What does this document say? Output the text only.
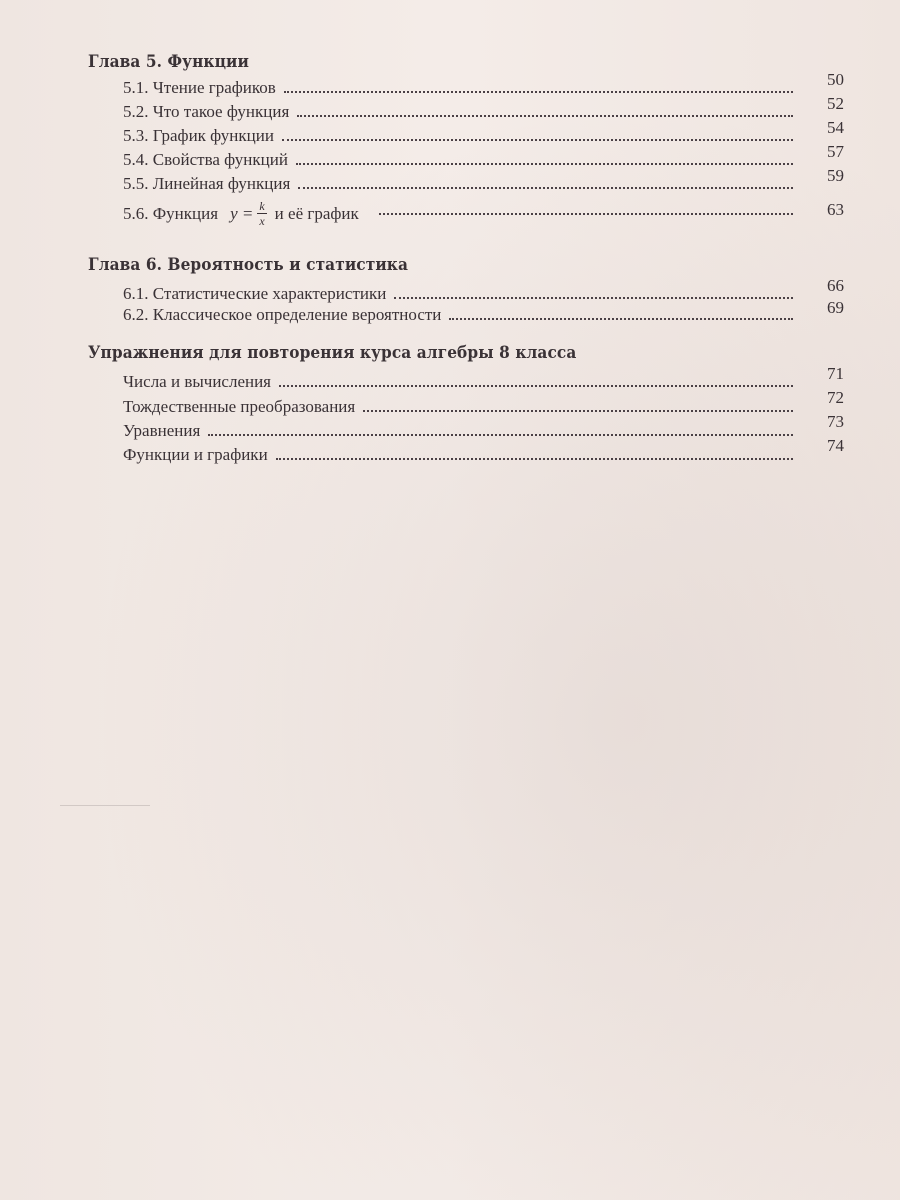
Глава 5. Функции
5.1. Чтение графиков	50
5.2. Что такое функция	52
5.3. График функции	54
5.4. Свойства функций	57
5.5. Линейная функция	59
5.6. Функция $y = \frac{k}{x}$ и её график	63
Глава 6. Вероятность и статистика
6.1. Статистические характеристики	66
6.2. Классическое определение вероятности	69
Упражнения для повторения курса алгебры 8 класса
Числа и вычисления	71
Тождественные преобразования	72
Уравнения	73
Функции и графики	74
